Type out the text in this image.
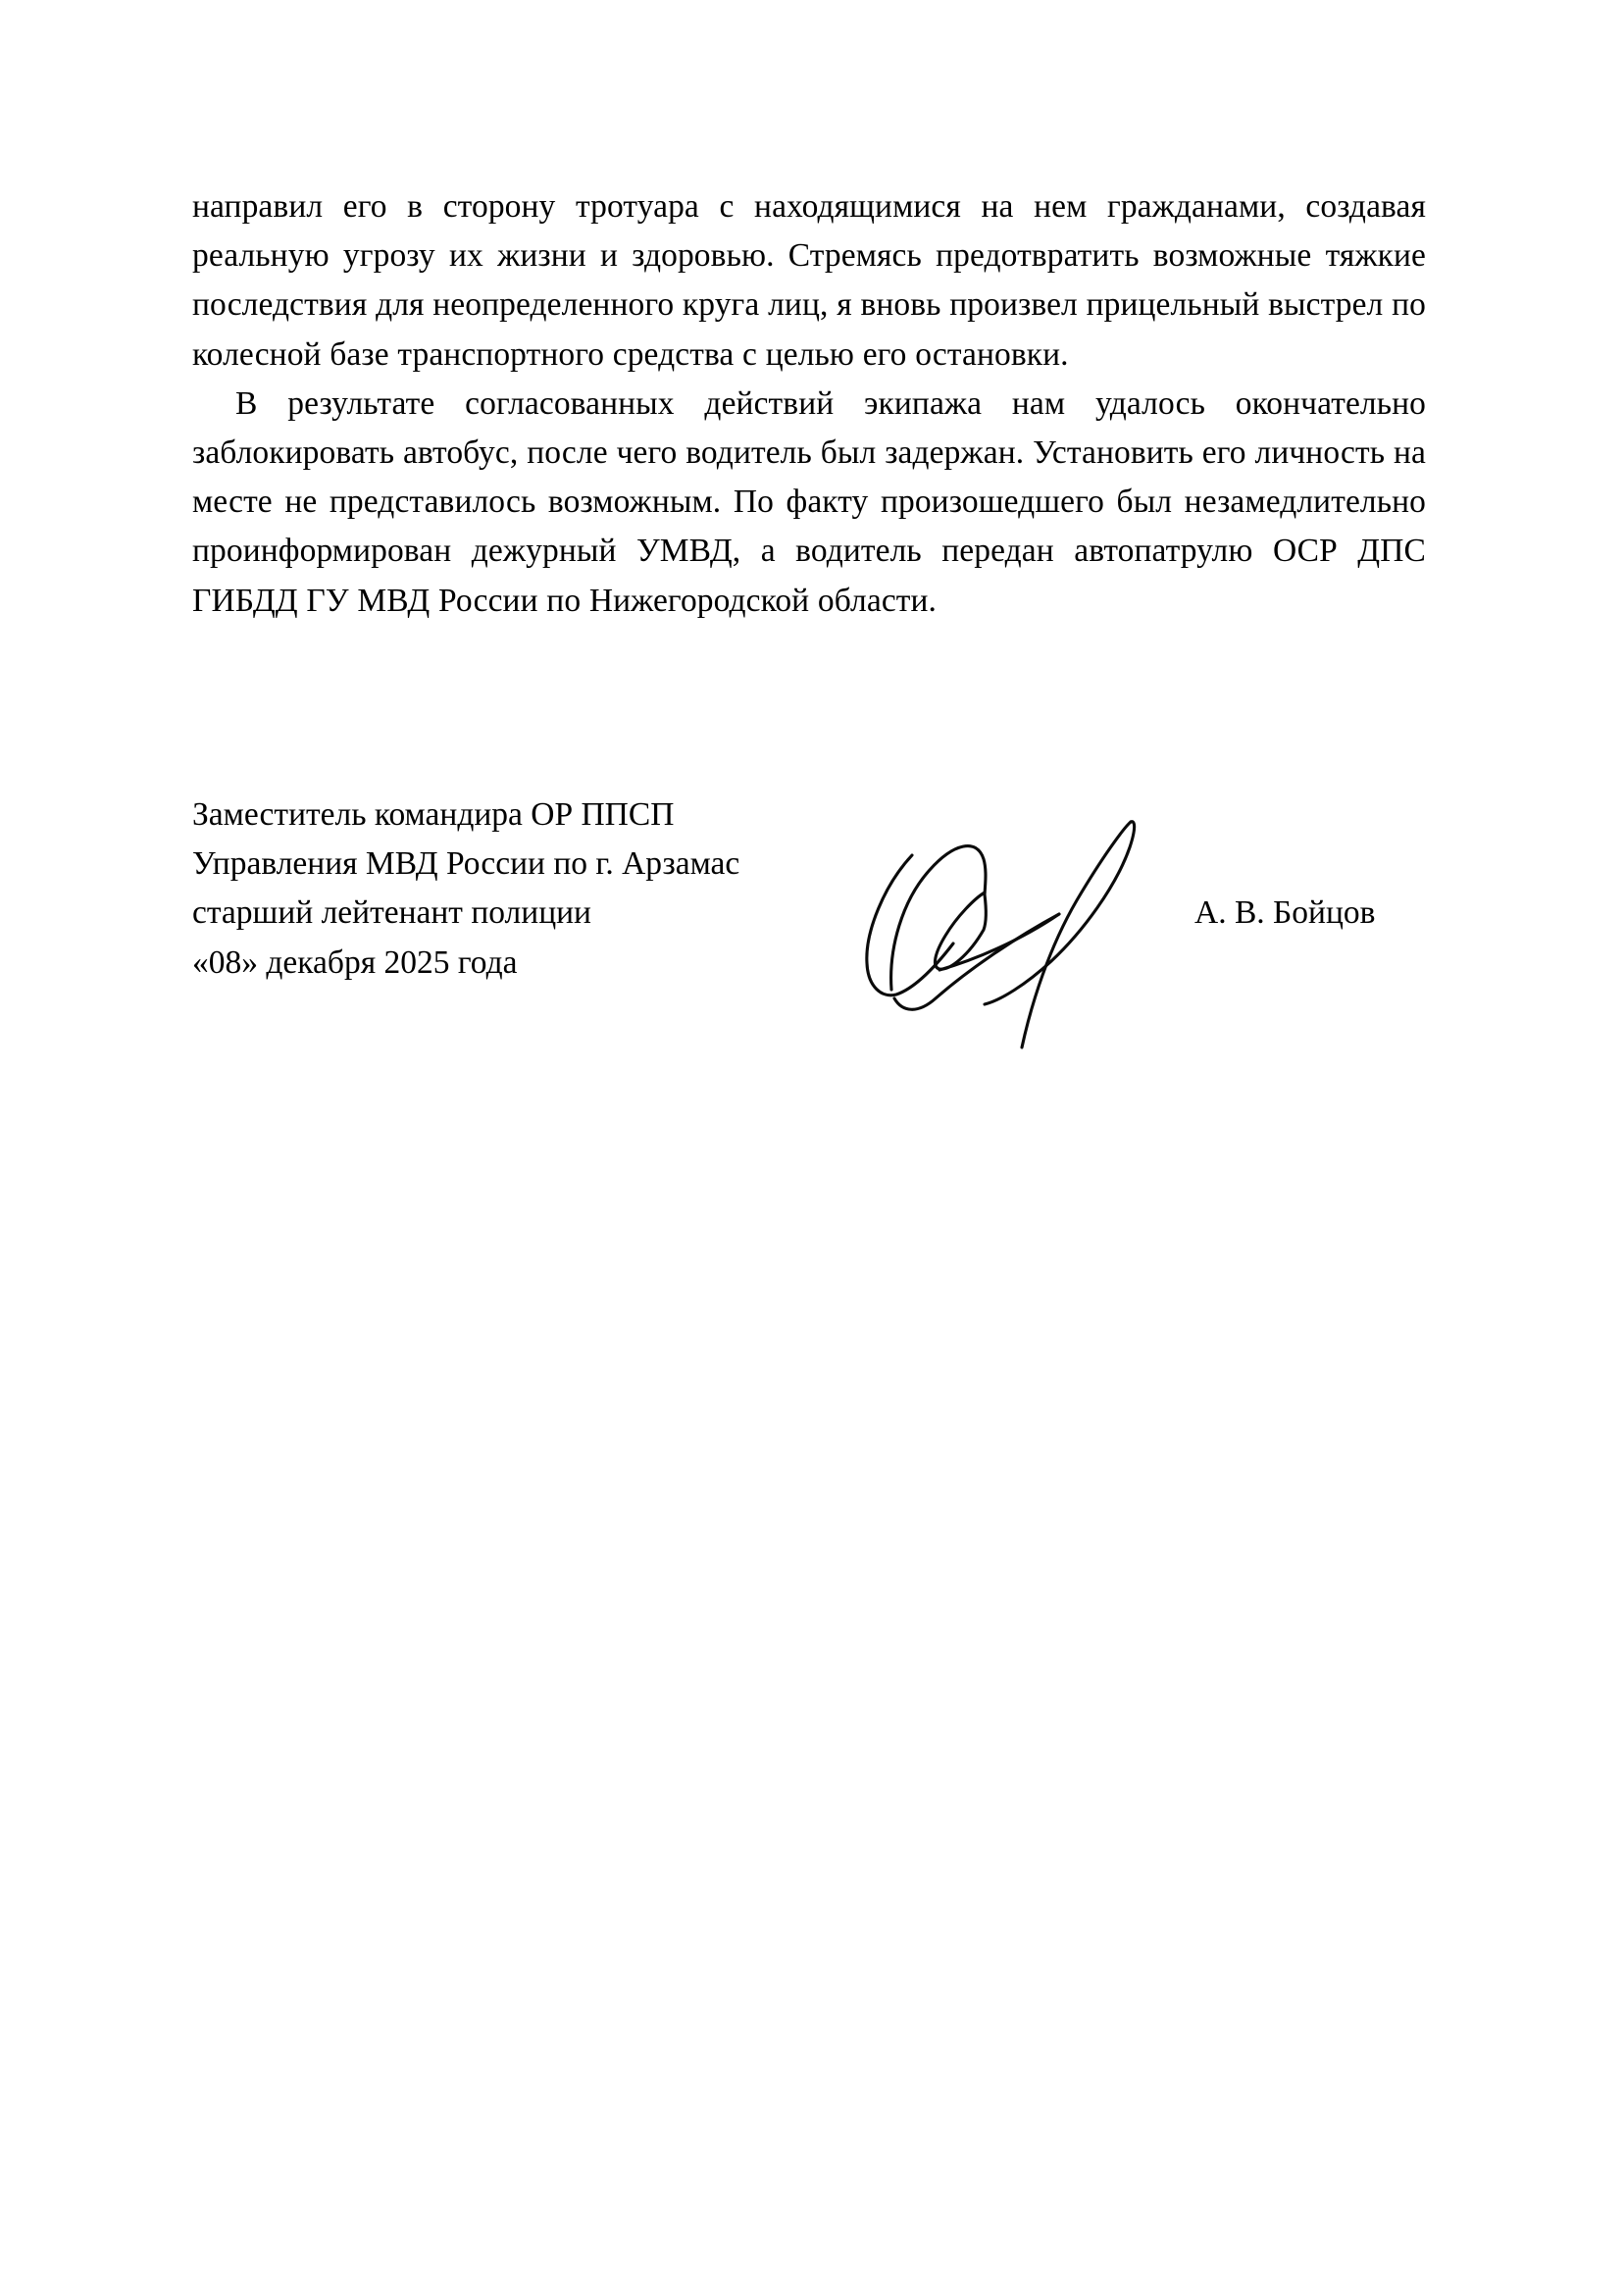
направил его в сторону тротуара с находящимися на нем гражданами, создавая реальную угрозу их жизни и здоровью. Стремясь предотвратить возможные тяжкие последствия для неопределенного круга лиц, я вновь произвел прицельный выстрел по колесной базе транспортного средства с целью его остановки.

В результате согласованных действий экипажа нам удалось окончательно заблокировать автобус, после чего водитель был задержан. Установить его личность на месте не представилось возможным. По факту произошедшего был незамедлительно проинформирован дежурный УМВД, а водитель передан автопатрулю ОСР ДПС ГИБДД ГУ МВД России по Нижегородской области.

Заместитель командира ОР ППСП
Управления МВД России по г. Арзамас
старший лейтенант полиции
«08» декабря 2025 года
А. В. Бойцов
